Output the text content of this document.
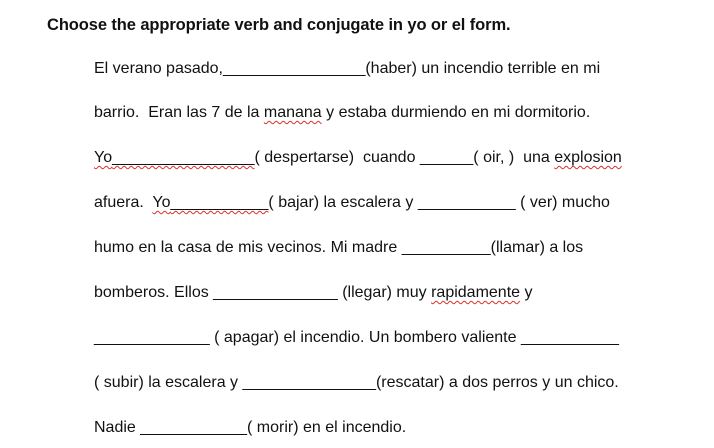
Choose the appropriate verb and conjugate in yo or el form.
El verano pasado,________________(haber) un incendio terrible en mi
barrio.  Eran las 7 de la manana y estaba durmiendo en mi dormitorio.
Yo________________( despertarse)  cuando ______( oir, )  una explosion
afuera.  Yo___________( bajar) la escalera y ___________ ( ver) mucho
humo en la casa de mis vecinos. Mi madre __________(llamar) a los
bomberos. Ellos ______________ (llegar) muy rapidamente y
_____________ ( apagar) el incendio. Un bombero valiente ___________
( subir) la escalera y _______________(rescatar) a dos perros y un chico.
Nadie ____________( morir) en el incendio.
